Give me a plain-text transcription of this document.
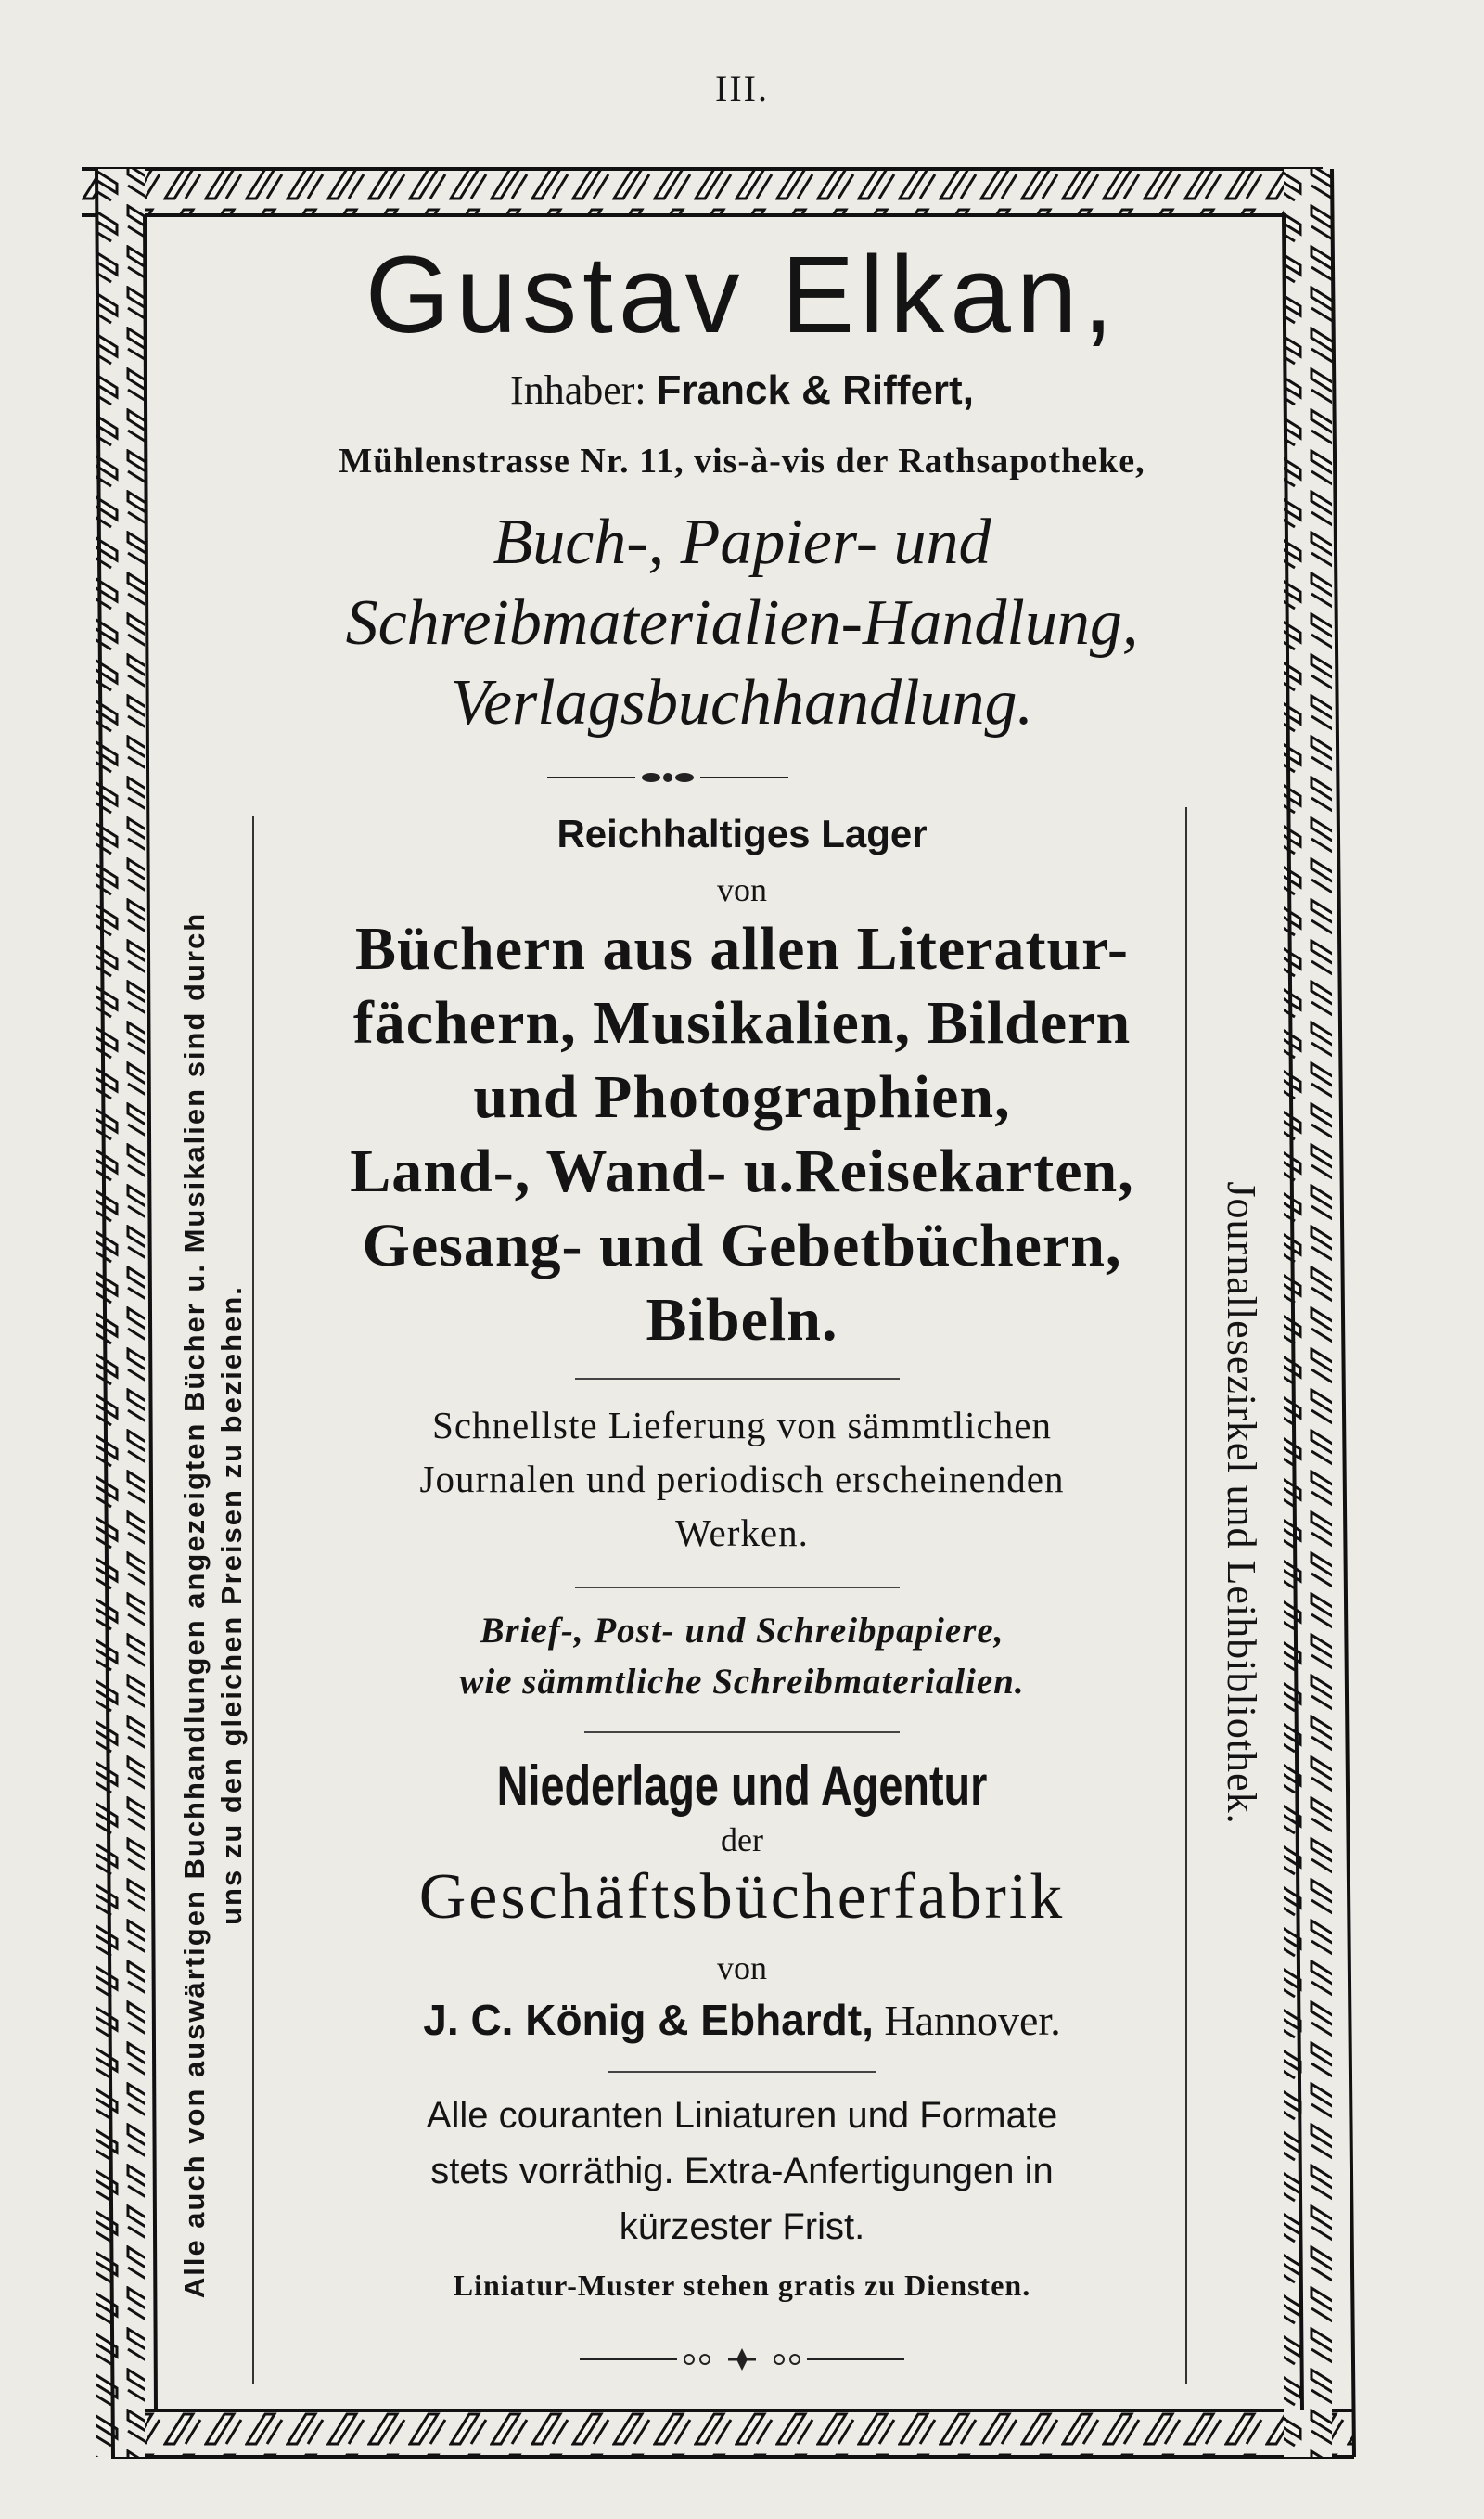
III.
Gustav Elkan,
Inhaber: Franck & Riffert,
Mühlenstrasse Nr. 11, vis-à-vis der Rathsapotheke,
Buch-, Papier- und
Schreibmaterialien-Handlung,
Verlagsbuchhandlung.
Reichhaltiges Lager
von
Büchern aus allen Literatur-
fächern, Musikalien, Bildern
und Photographien,
Land-, Wand- u.Reisekarten,
Gesang- und Gebetbüchern,
Bibeln.
Schnellste Lieferung von sämmtlichen
Journalen und periodisch erscheinenden
Werken.
Brief-, Post- und Schreibpapiere,
wie sämmtliche Schreibmaterialien.
Niederlage und Agentur
der
Geschäftsbücherfabrik
von
J. C. König & Ebhardt, Hannover.
Alle couranten Liniaturen und Formate
stets vorräthig. Extra-Anfertigungen in
kürzester Frist.
Liniatur-Muster stehen gratis zu Diensten.
Alle auch von auswärtigen Buchhandlungen angezeigten Bücher u. Musikalien sind durch uns zu den gleichen Preisen zu beziehen.	Journallesezirkel und Leihbibliothek.
